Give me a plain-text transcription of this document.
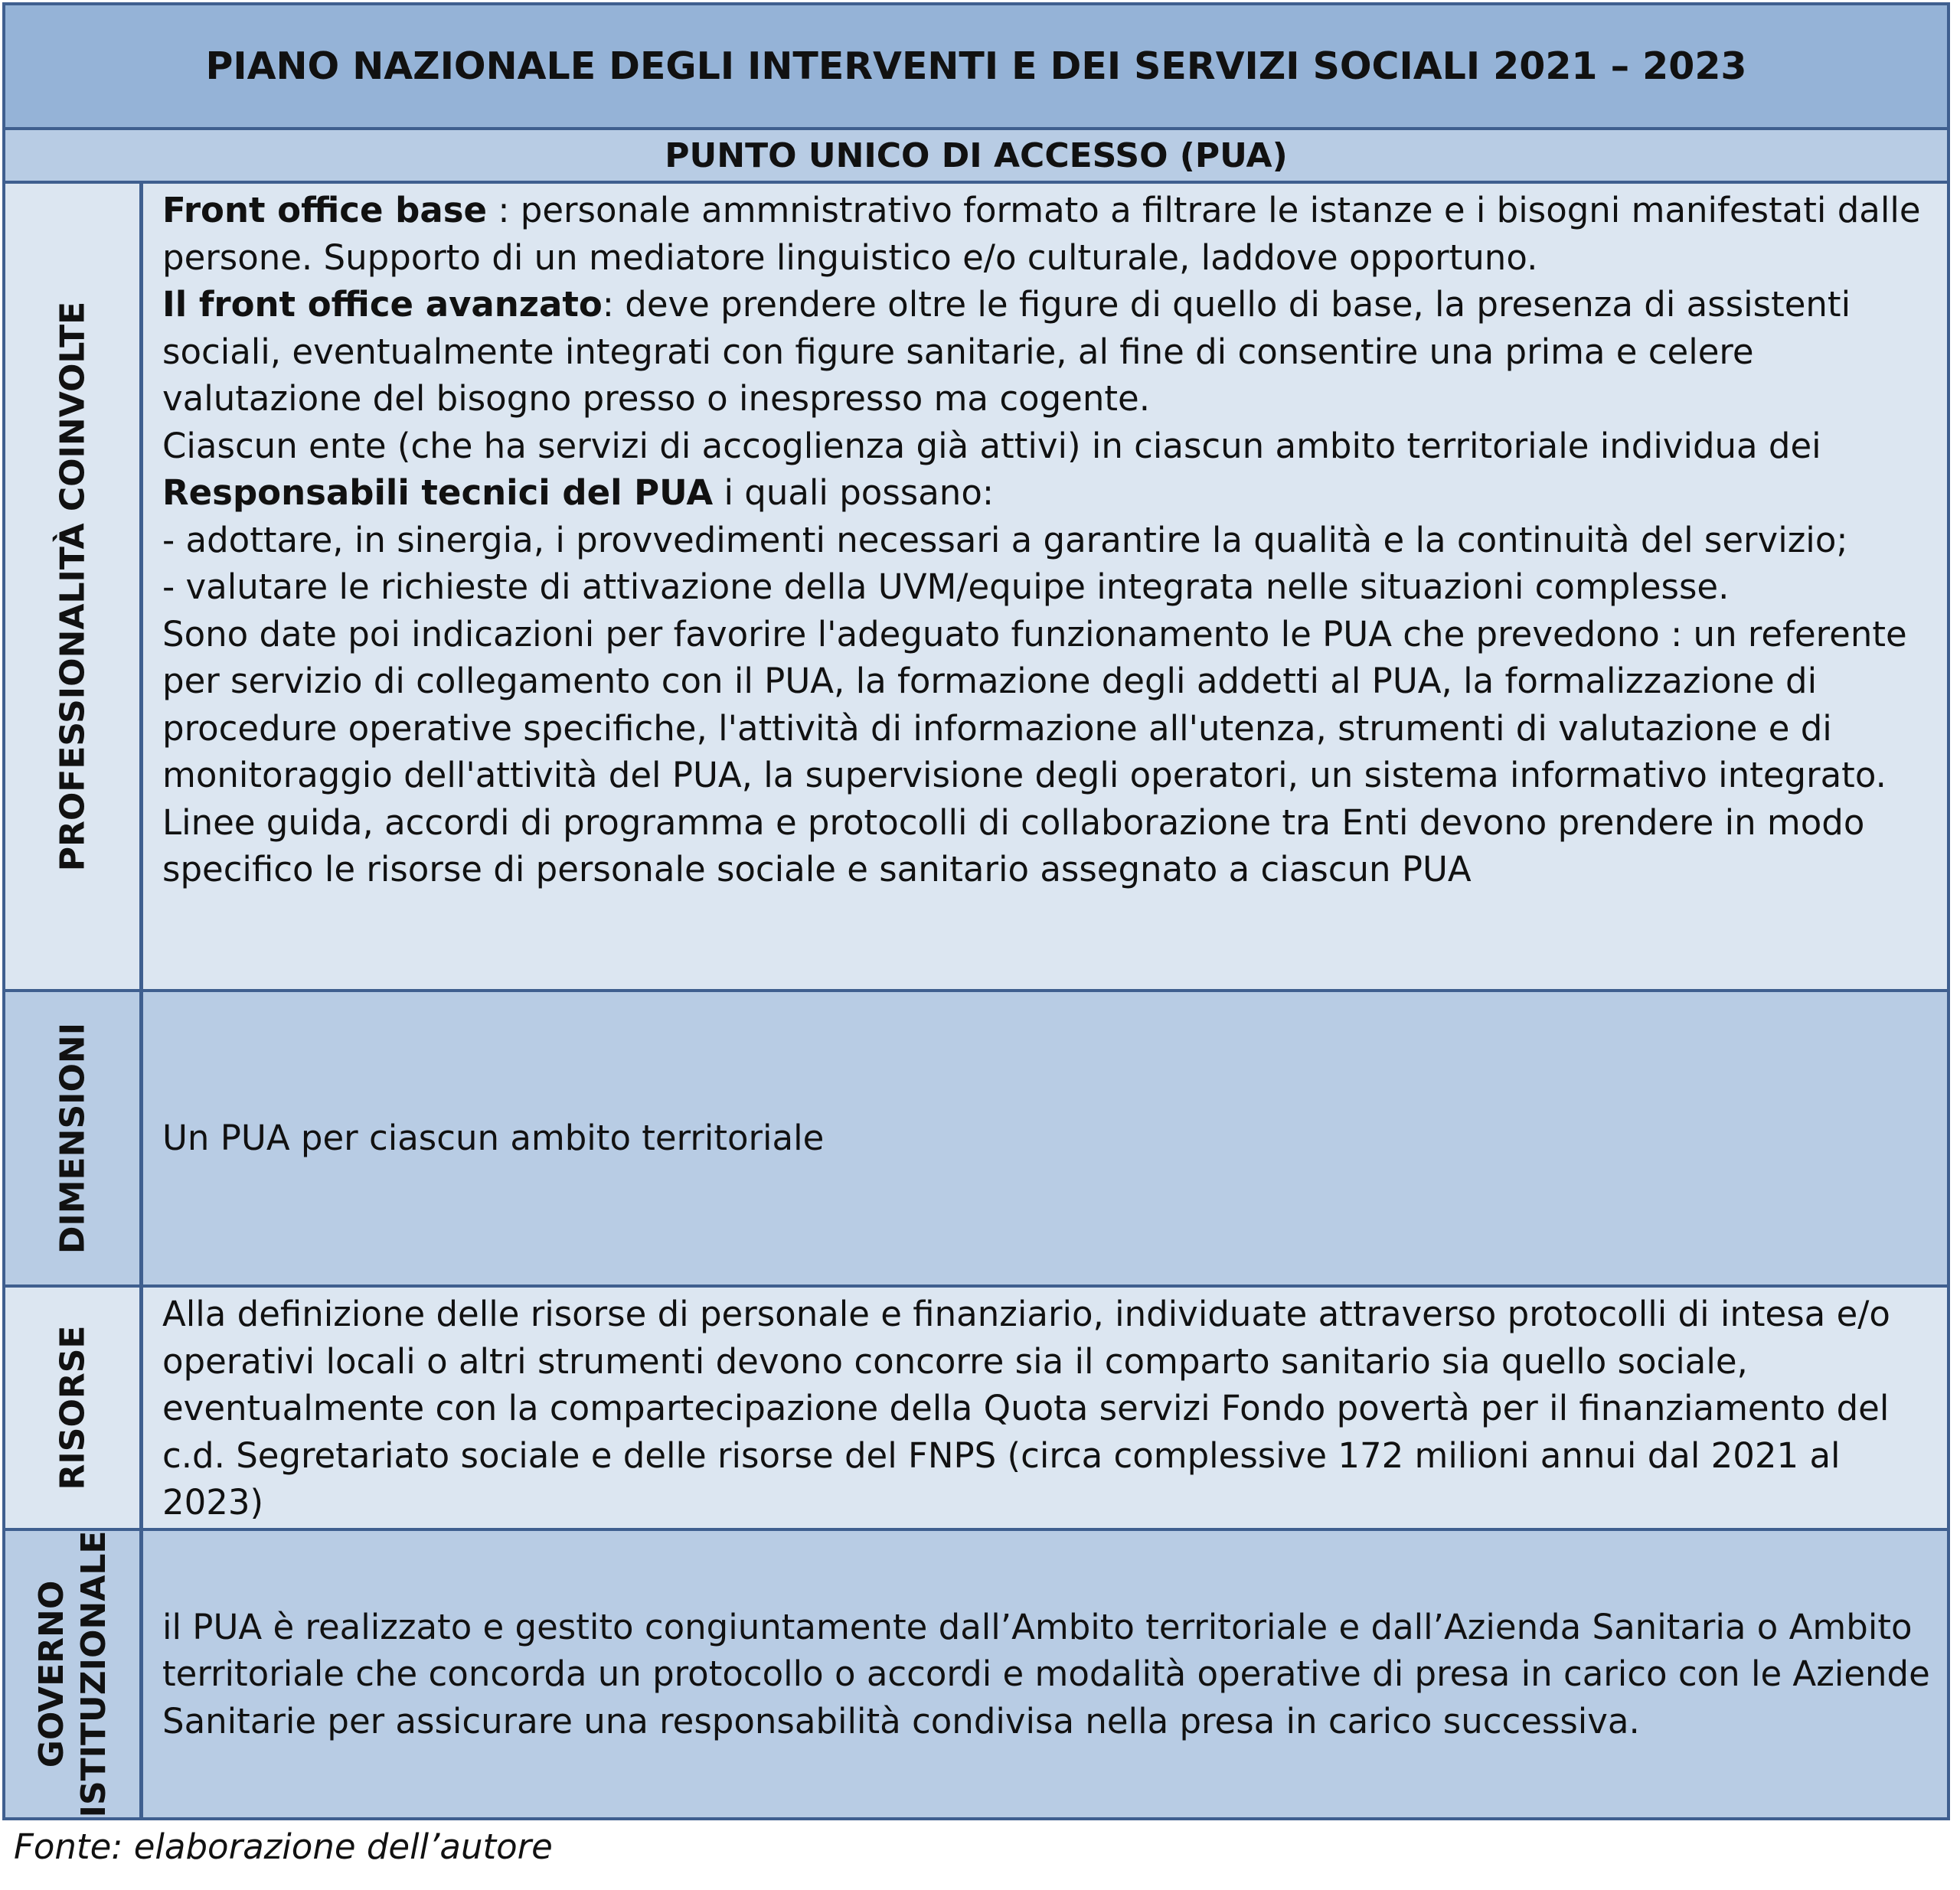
PIANO NAZIONALE DEGLI INTERVENTI E DEI SERVIZI SOCIALI 2021 – 2023
PUNTO UNICO DI ACCESSO (PUA)
PROFESSIONALITÀ COINVOLTE

Front office base : personale ammnistrativo formato a filtrare le istanze e i bisogni manifestati dalle persone. Supporto di un mediatore linguistico e/o culturale, laddove opportuno.

Il front office avanzato: deve prendere oltre le figure di quello di base, la presenza di assistenti sociali, eventualmente integrati con figure sanitarie, al fine di consentire una prima e celere valutazione del bisogno presso o inespresso ma cogente.

Ciascun ente (che ha servizi di accoglienza già attivi) in ciascun ambito territoriale individua dei Responsabili tecnici del PUA i quali possano:

- adottare, in sinergia, i provvedimenti necessari a garantire la qualità e la continuità del servizio;

- valutare le richieste di attivazione della UVM/equipe integrata nelle situazioni complesse.

Sono date poi indicazioni per favorire l'adeguato funzionamento le PUA che prevedono : un referente per servizio di collegamento con il PUA, la formazione degli addetti al PUA, la formalizzazione di procedure operative specifiche, l'attività di informazione all'utenza, strumenti di valutazione e di monitoraggio dell'attività del PUA, la supervisione degli operatori, un sistema informativo integrato.

Linee guida, accordi di programma e protocolli di collaborazione tra Enti devono prendere in modo specifico le risorse di personale sociale e sanitario assegnato a ciascun PUA

DIMENSIONI Un PUA per ciascun ambito territoriale

RISORSE

Alla definizione delle risorse di personale e finanziario, individuate attraverso protocolli di intesa e/o operativi locali o altri strumenti devono concorre sia il comparto sanitario sia quello sociale, eventualmente con la compartecipazione della Quota servizi Fondo povertà per il finanziamento del c.d. Segretariato sociale e delle risorse del FNPS (circa complessive 172 milioni annui dal 2021 al 2023)

GOVERNO ISTITUZIONALE il PUA è realizzato e gestito congiuntamente dall’Ambito territoriale e dall’Azienda Sanitaria o Ambito territoriale che concorda un protocollo o accordi e modalità operative di presa in carico con le Aziende Sanitarie per assicurare una responsabilità condivisa nella presa in carico successiva.

Fonte: elaborazione dell’autore
